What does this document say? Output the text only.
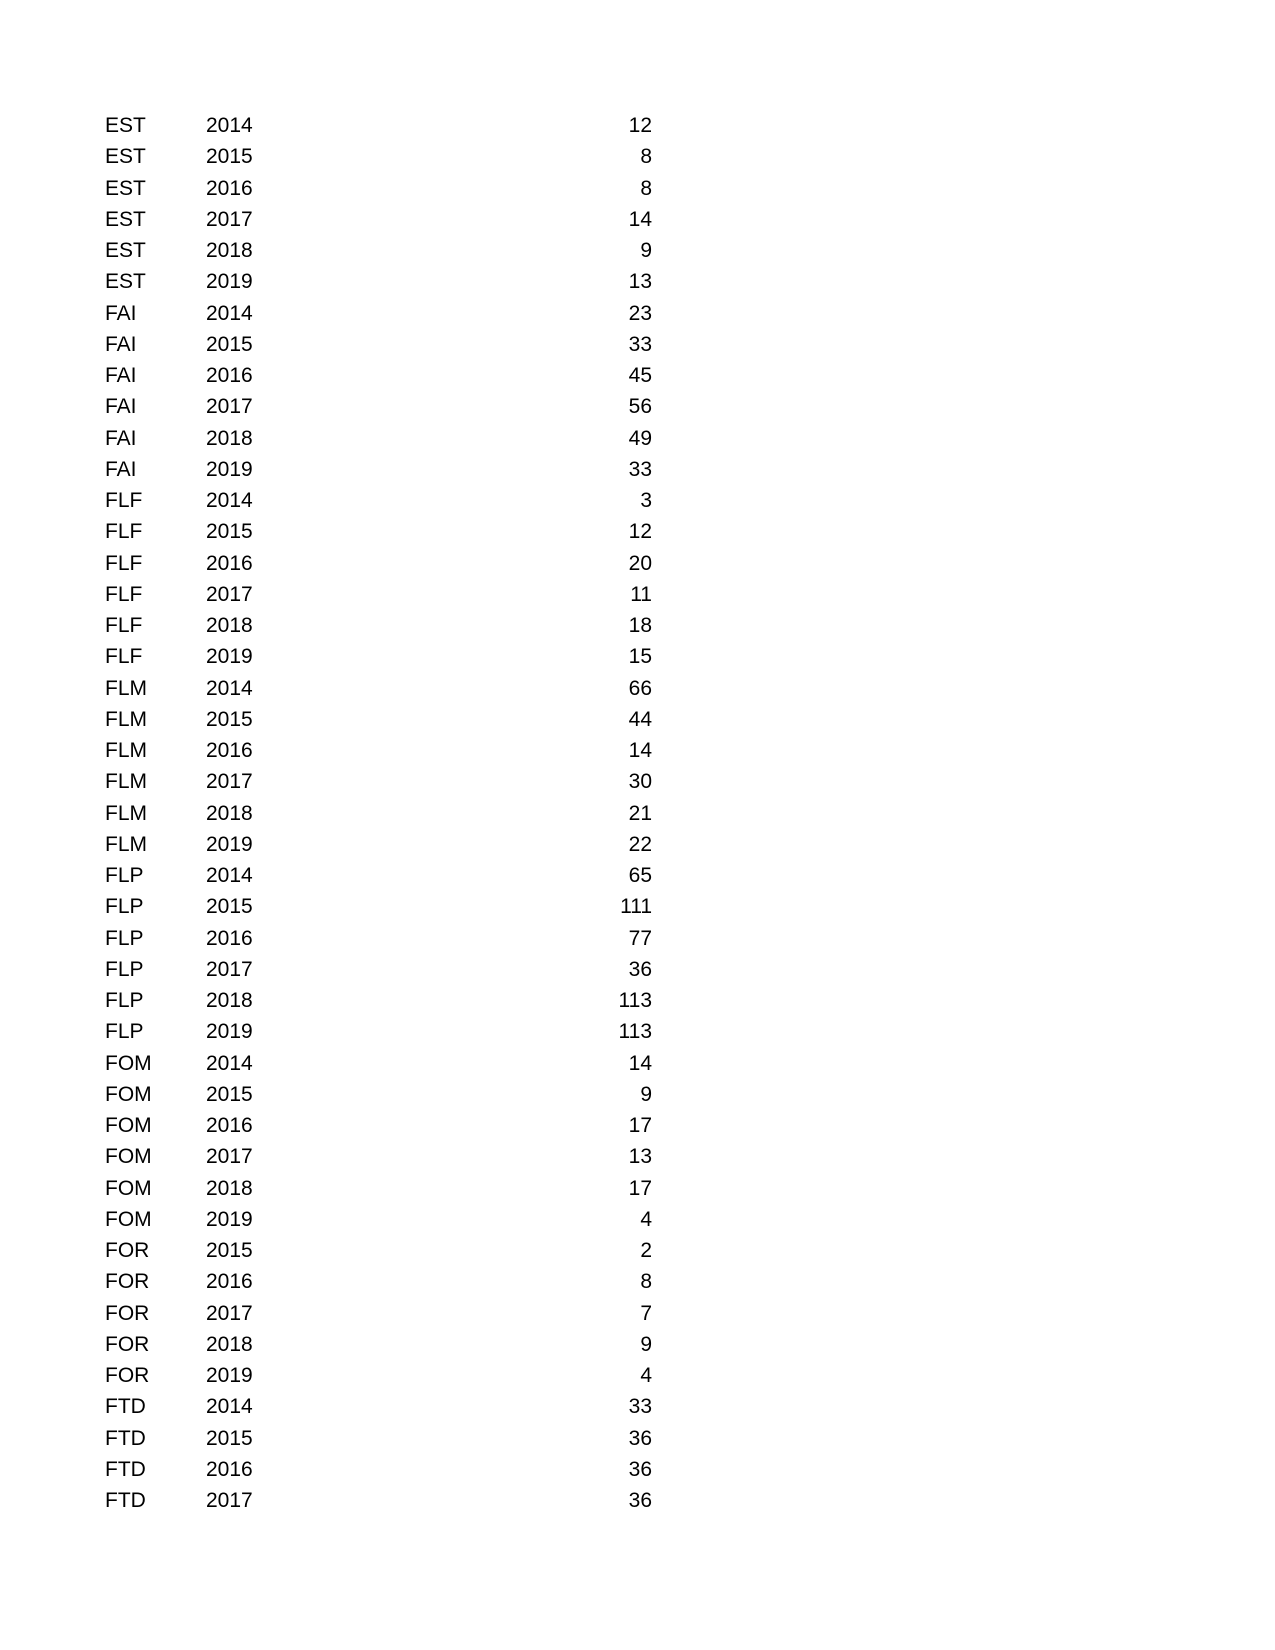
EST	2014	12
EST	2015	8
EST	2016	8
EST	2017	14
EST	2018	9
EST	2019	13
FAI	2014	23
FAI	2015	33
FAI	2016	45
FAI	2017	56
FAI	2018	49
FAI	2019	33
FLF	2014	3
FLF	2015	12
FLF	2016	20
FLF	2017	11
FLF	2018	18
FLF	2019	15
FLM	2014	66
FLM	2015	44
FLM	2016	14
FLM	2017	30
FLM	2018	21
FLM	2019	22
FLP	2014	65
FLP	2015	111
FLP	2016	77
FLP	2017	36
FLP	2018	113
FLP	2019	113
FOM	2014	14
FOM	2015	9
FOM	2016	17
FOM	2017	13
FOM	2018	17
FOM	2019	4
FOR	2015	2
FOR	2016	8
FOR	2017	7
FOR	2018	9
FOR	2019	4
FTD	2014	33
FTD	2015	36
FTD	2016	36
FTD	2017	36
